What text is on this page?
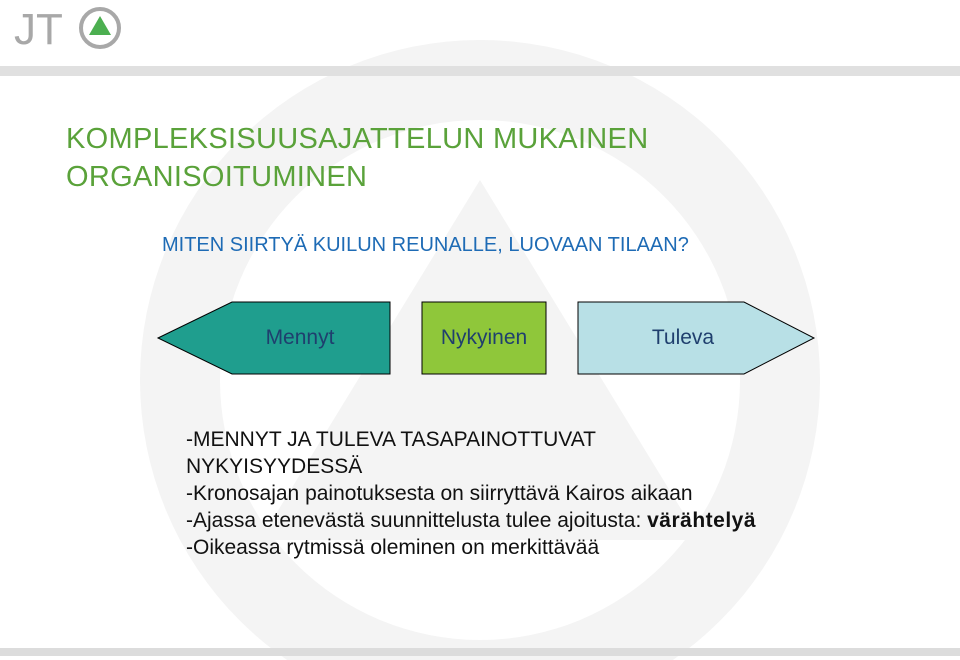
JT
KOMPLEKSISUUSAJATTELUN MUKAINEN
ORGANISOITUMINEN
MITEN SIIRTYÄ KUILUN REUNALLE, LUOVAAN TILAAN?
Mennyt	Nykyinen	Tuleva
-MENNYT JA TULEVA TASAPAINOTTUVAT
NYKYISYYDESSÄ
-Kronosajan painotuksesta on siirryttävä Kairos aikaan
-Ajassa etenevästä suunnittelusta tulee ajoitusta: värähtelyä
-Oikeassa rytmissä oleminen on merkittävää
